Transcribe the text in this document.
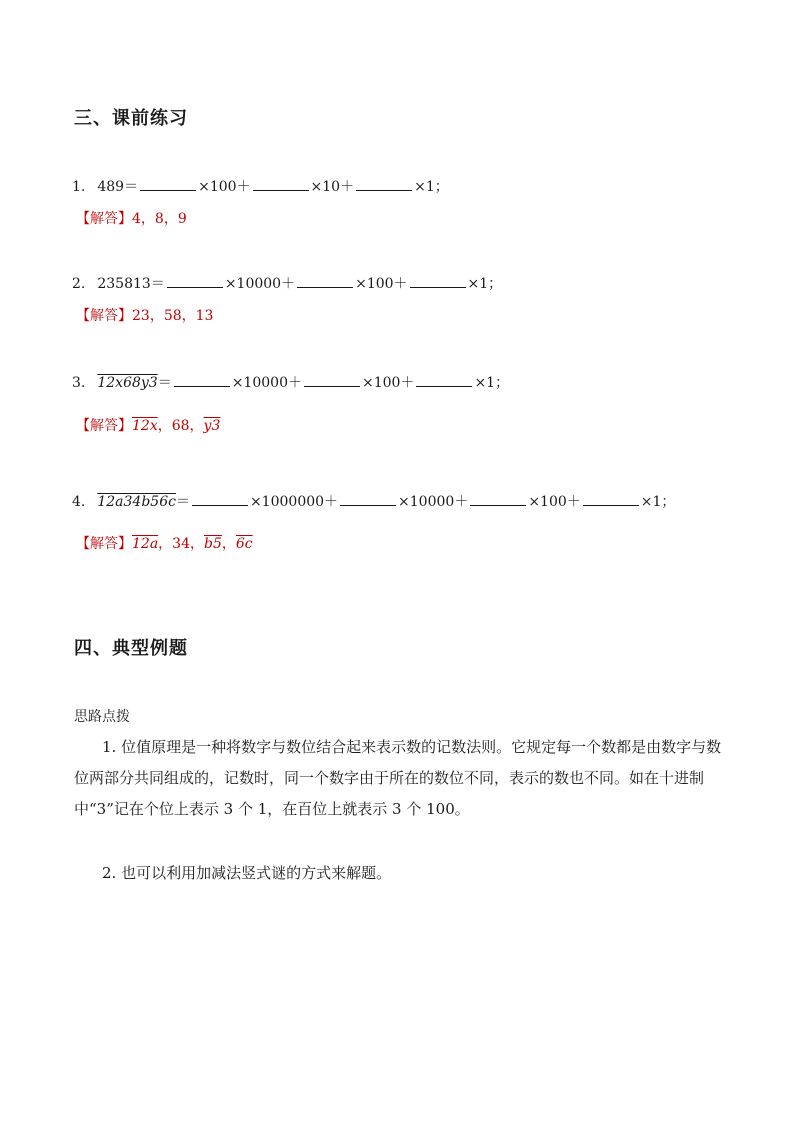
三、课前练习
1. 489＝	×100＋	×10＋	×1；
【解答】 4，8，9
2. 235813＝	×10000＋	×100＋	×1；
【解答】 23，58，13
3. 12x68y3 ＝	×10000＋	×100＋	×1；
【解答】 12x ，68， y3
4. 12a34b56c ＝	×1000000＋	×10000＋	×100＋	×1；
【解答】 12a ，34， b5 ， 6c
四、典型例题
思路点拨
1. 位值原理是一种将数字与数位结合起来表示数的记数法则。它规定每一个数都是由数字与数位两部分共同组成的，记数时，同一个数字由于所在的数位不同，表示的数也不同。如在十进制中“3”记在个位上表示 3 个 1，在百位上就表示 3 个 100。
2. 也可以利用加减法竖式谜的方式来解题。
